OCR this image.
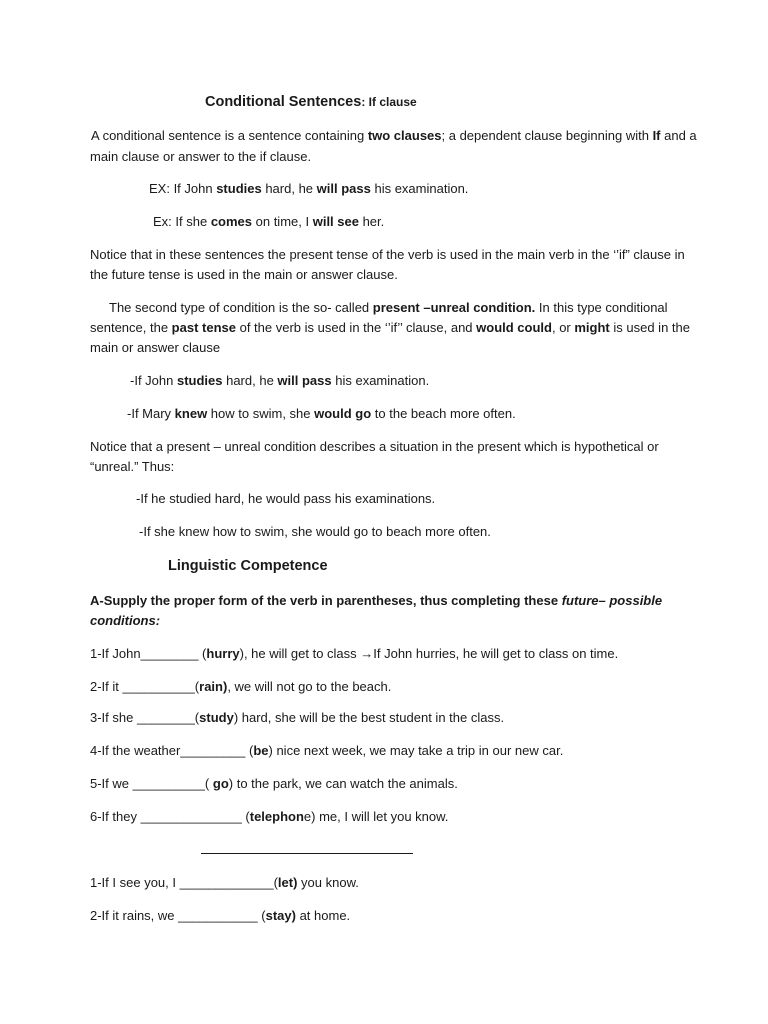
Conditional Sentences: If clause
A conditional sentence is a sentence containing two clauses; a dependent clause beginning with If and a
main clause or answer to the if clause.
EX: If John studies hard, he will pass his examination.
Ex: If she comes on time, I will see her.
Notice that in these sentences the present tense of the verb is used in the main verb in the ‘’if” clause in
the future tense is used in the main or answer clause.
The second type of condition is the so- called present –unreal condition. In this type conditional
sentence, the past tense of the verb is used in the ‘’if’’ clause, and would could, or might is used in the
main or answer clause
-If John studies hard, he will pass his examination.
-If Mary knew how to swim, she would go to the beach more often.
Notice that a present – unreal condition describes a situation in the present which is hypothetical or
“unreal.” Thus:
-If he studied hard, he would pass his examinations.
-If she knew how to swim, she would go to beach more often.
Linguistic Competence
A-Supply the proper form of the verb in parentheses, thus completing these future– possible
conditions:
1-If John________ (hurry), he will get to class →If John hurries, he will get to class on time.
2-If it __________(rain), we will not go to the beach.
3-If she ________(study) hard, she will be the best student in the class.
4-If the weather_________ (be) nice next week, we may take a trip in our new car.
5-If we __________( go) to the park, we can watch the animals.
6-If they ______________ (telephone) me, I will let you know.
1-If I see you, I _____________(let) you know.
2-If it rains, we ___________ (stay) at home.
